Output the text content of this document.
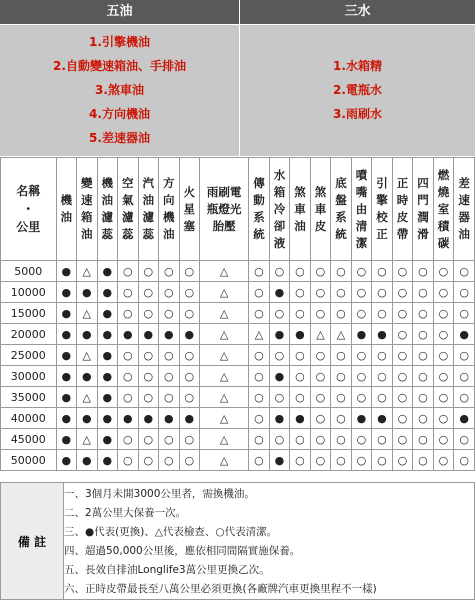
五油	三水
1.引擎機油
2.自動變速箱油、手排油
3.煞車油
4.方向機油
5.差速器油
1.水箱精
2.電瓶水
3.雨刷水
名稱
・
公里	機油	變速箱油	機油濾蕊	空氣濾蕊	汽油濾蕊	方向機油	火星塞	雨刷電瓶燈光胎壓	傳動系統	水箱冷卻液	煞車油	煞車皮	底盤系統	噴嘴由清潔	引擎校正	正時皮帶	四門潤滑	燃燒室積碳	差速器油
5000	●	△	●	○	○	○	○	△	○	○	○	○	○	○	○	○	○	○	○
10000	●	●	●	○	○	○	○	△	○	●	○	○	○	○	○	○	○	○	○
15000	●	△	●	○	○	○	○	△	○	○	○	○	○	○	○	○	○	○	○
20000	●	●	●	●	●	●	●	△	△	●	●	△	△	●	●	○	○	○	●
25000	●	△	●	○	○	○	○	△	○	○	○	○	○	○	○	○	○	○	○
30000	●	●	●	○	○	○	○	△	○	●	○	○	○	○	○	○	○	○	○
35000	●	△	●	○	○	○	○	△	○	○	○	○	○	○	○	○	○	○	○
40000	●	●	●	●	●	●	●	△	○	●	●	○	○	●	●	○	○	○	●
45000	●	△	●	○	○	○	○	△	○	○	○	○	○	○	○	○	○	○	○
50000	●	●	●	○	○	○	○	△	○	●	○	○	○	○	○	○	○	○	○
備 註
一、3個月未開3000公里者，需換機油。
二、2萬公里大保養一次。
三、●代表(更換)、△代表檢查、○代表清潔。
四、超過50,000公里後，應依相同間隔實施保養。
五、長效自排油Longlife3萬公里更換乙次。
六、正時皮帶最長至八萬公里必須更換(各廠牌汽車更換里程不一樣)
